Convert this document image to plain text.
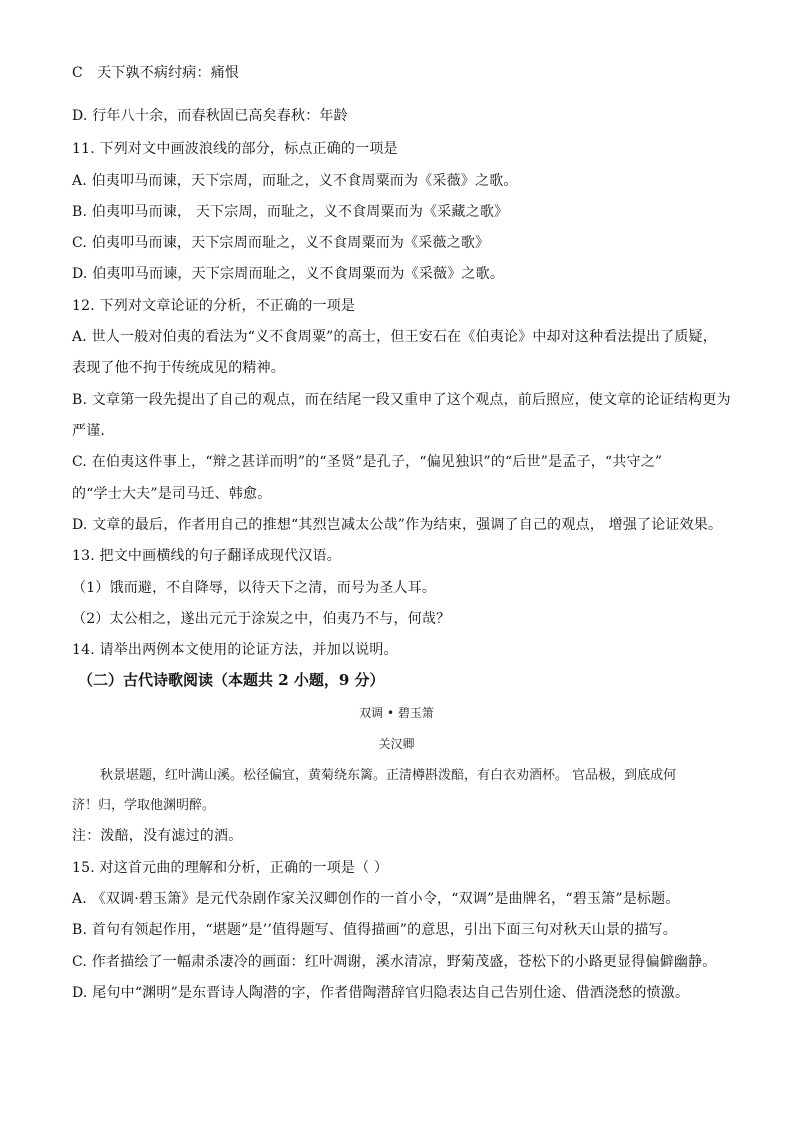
C　天下孰不病纣病：痛恨
D. 行年八十余，而春秋固已高矣春秋：年龄
11. 下列对文中画波浪线的部分，标点正确的一项是
A. 伯夷叩马而谏，天下宗周，而耻之，义不食周粟而为《采薇》之歌。
B. 伯夷叩马而谏， 天下宗周，而耻之，义不食周粟而为《采藏之歌》
C. 伯夷叩马而谏，天下宗周而耻之，义不食周粟而为《采薇之歌》
D. 伯夷叩马而谏，天下宗周而耻之，义不食周粟而为《采薇》之歌。
12. 下列对文章论证的分析，不正确的一项是
A. 世人一般对伯夷的看法为“义不食周粟”的高士，但王安石在《伯夷论》中却对这种看法提出了质疑，
表现了他不拘于传统成见的精神。
B. 文章第一段先提出了自己的观点，而在结尾一段又重申了这个观点，前后照应，使文章的论证结构更为
严谨.
C. 在伯夷这件事上，“辩之甚详而明”的“圣贤”是孔子，“偏见独识”的“后世”是孟子，“共守之”
的“学士大夫”是司马迁、韩愈。
D. 文章的最后，作者用自己的推想“其烈岂减太公哉”作为结束，强调了自己的观点， 增强了论证效果。
13. 把文中画横线的句子翻译成现代汉语。
（1）饿而避，不自降辱，以待天下之清，而号为圣人耳。
（2）太公相之，遂出元元于涂炭之中，伯夷乃不与，何哉？
14. 请举出两例本文使用的论证方法，并加以说明。
（二）古代诗歌阅读（本题共 2 小题，9 分）
双调 • 碧玉箫
关汉卿
秋景堪题，红叶满山溪。松径偏宜，黄菊绕东篱。正清樽斟泼醅，有白衣劝酒杯。 官品极，到底成何
济！归，学取他渊明醉。
注：泼醅，没有滤过的酒。
15. 对这首元曲的理解和分析，正确的一项是（ ）
A. 《双调·碧玉箫》是元代杂剧作家关汉卿创作的一首小令，“双调”是曲牌名，“碧玉箫”是标题。
B. 首句有领起作用，“堪题”是’’值得题写、值得描画”的意思，引出下面三句对秋天山景的描写。
C. 作者描绘了一幅肃杀凄冷的画面：红叶凋谢，溪水清凉，野菊茂盛，苍松下的小路更显得偏僻幽静。
D. 尾句中“渊明”是东晋诗人陶潜的字，作者借陶潜辞官归隐表达自己告别仕途、借酒浇愁的愤激。
